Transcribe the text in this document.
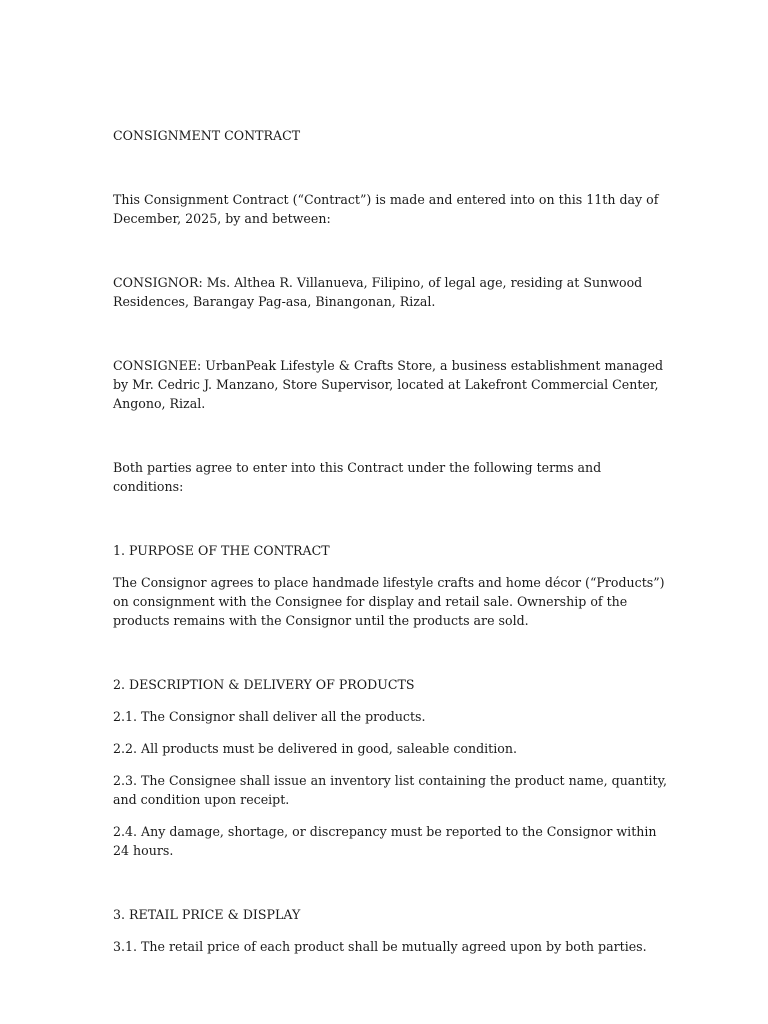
CONSIGNMENT CONTRACT

This Consignment Contract (“Contract”) is made and entered into on this 11th day of December, 2025, by and between:

CONSIGNOR: Ms. Althea R. Villanueva, Filipino, of legal age, residing at Sunwood Residences, Barangay Pag-asa, Binangonan, Rizal.

CONSIGNEE: UrbanPeak Lifestyle & Crafts Store, a business establishment managed by Mr. Cedric J. Manzano, Store Supervisor, located at Lakefront Commercial Center, Angono, Rizal.

Both parties agree to enter into this Contract under the following terms and conditions:

1. PURPOSE OF THE CONTRACT

The Consignor agrees to place handmade lifestyle crafts and home décor (“Products”) on consignment with the Consignee for display and retail sale. Ownership of the products remains with the Consignor until the products are sold.

2. DESCRIPTION & DELIVERY OF PRODUCTS

2.1. The Consignor shall deliver all the products.

2.2. All products must be delivered in good, saleable condition.

2.3. The Consignee shall issue an inventory list containing the product name, quantity, and condition upon receipt.

2.4. Any damage, shortage, or discrepancy must be reported to the Consignor within 24 hours.

3. RETAIL PRICE & DISPLAY

3.1. The retail price of each product shall be mutually agreed upon by both parties.
